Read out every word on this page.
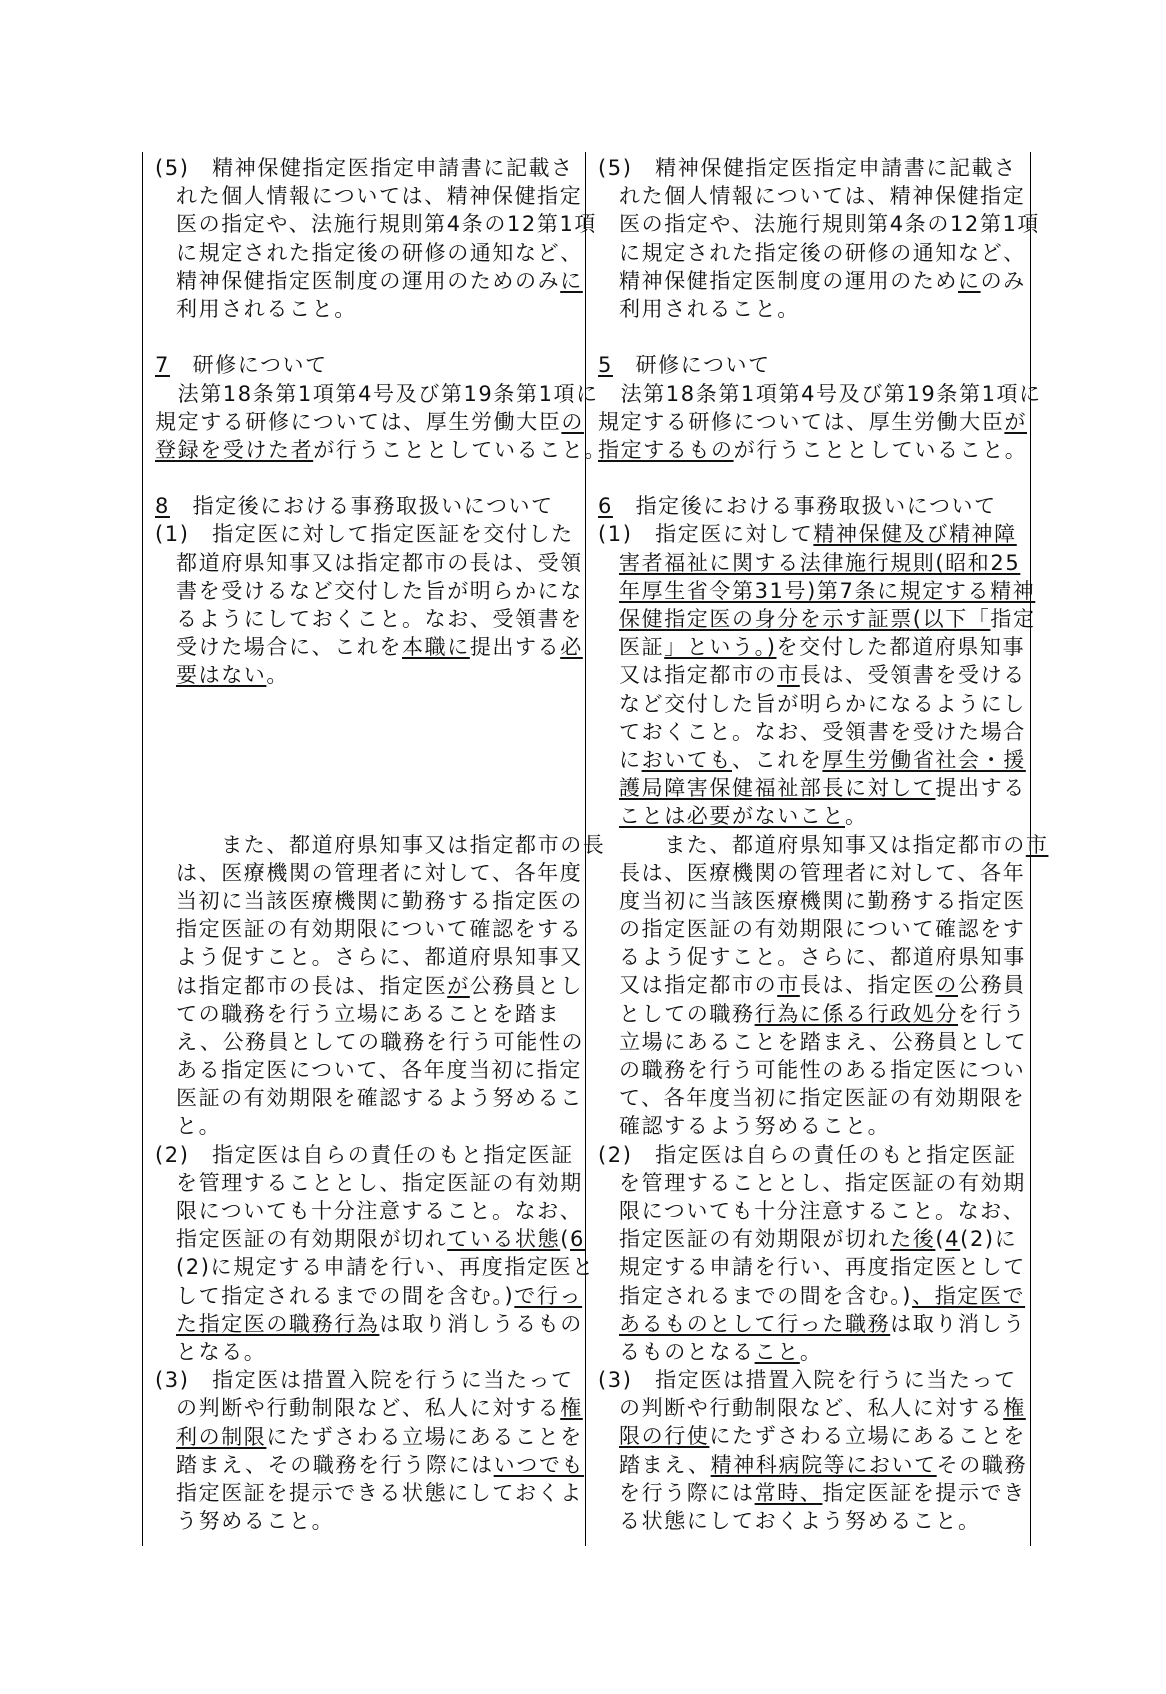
(5)　精神保健指定医指定申請書に記載さ
れた個人情報については、精神保健指定
医の指定や、法施行規則第4条の12第1項
に規定された指定後の研修の通知など、
精神保健指定医制度の運用のためのみに
利用されること。
7　研修について
　法第18条第1項第4号及び第19条第1項に
規定する研修については、厚生労働大臣の
登録を受けた者が行うこととしていること。
8　指定後における事務取扱いについて
(1)　指定医に対して指定医証を交付した
都道府県知事又は指定都市の長は、受領
書を受けるなど交付した旨が明らかにな
るようにしておくこと。なお、受領書を
受けた場合に、これを本職に提出する必
要はない。
　　また、都道府県知事又は指定都市の長
は、医療機関の管理者に対して、各年度
当初に当該医療機関に勤務する指定医の
指定医証の有効期限について確認をする
よう促すこと。さらに、都道府県知事又
は指定都市の長は、指定医が公務員とし
ての職務を行う立場にあることを踏ま
え、公務員としての職務を行う可能性の
ある指定医について、各年度当初に指定
医証の有効期限を確認するよう努めるこ
と。
(2)　指定医は自らの責任のもと指定医証
を管理することとし、指定医証の有効期
限についても十分注意すること。なお、
指定医証の有効期限が切れている状態(6
(2)に規定する申請を行い、再度指定医と
して指定されるまでの間を含む。)で行っ
た指定医の職務行為は取り消しうるもの
となる。
(3)　指定医は措置入院を行うに当たって
の判断や行動制限など、私人に対する権
利の制限にたずさわる立場にあることを
踏まえ、その職務を行う際にはいつでも
指定医証を提示できる状態にしておくよ
う努めること。
(5)　精神保健指定医指定申請書に記載さ
れた個人情報については、精神保健指定
医の指定や、法施行規則第4条の12第1項
に規定された指定後の研修の通知など、
精神保健指定医制度の運用のためにのみ
利用されること。
5　研修について
　法第18条第1項第4号及び第19条第1項に
規定する研修については、厚生労働大臣が
指定するものが行うこととしていること。
6　指定後における事務取扱いについて
(1)　指定医に対して精神保健及び精神障
害者福祉に関する法律施行規則(昭和25
年厚生省令第31号)第7条に規定する精神
保健指定医の身分を示す証票(以下「指定
医証」という。)を交付した都道府県知事
又は指定都市の市長は、受領書を受ける
など交付した旨が明らかになるようにし
ておくこと。なお、受領書を受けた場合
においても、これを厚生労働省社会・援
護局障害保健福祉部長に対して提出する
ことは必要がないこと。
　　また、都道府県知事又は指定都市の市
長は、医療機関の管理者に対して、各年
度当初に当該医療機関に勤務する指定医
の指定医証の有効期限について確認をす
るよう促すこと。さらに、都道府県知事
又は指定都市の市長は、指定医の公務員
としての職務行為に係る行政処分を行う
立場にあることを踏まえ、公務員として
の職務を行う可能性のある指定医につい
て、各年度当初に指定医証の有効期限を
確認するよう努めること。
(2)　指定医は自らの責任のもと指定医証
を管理することとし、指定医証の有効期
限についても十分注意すること。なお、
指定医証の有効期限が切れた後(4(2)に
規定する申請を行い、再度指定医として
指定されるまでの間を含む。)、指定医で
あるものとして行った職務は取り消しう
るものとなること。
(3)　指定医は措置入院を行うに当たって
の判断や行動制限など、私人に対する権
限の行使にたずさわる立場にあることを
踏まえ、精神科病院等においてその職務
を行う際には常時、指定医証を提示でき
る状態にしておくよう努めること。
